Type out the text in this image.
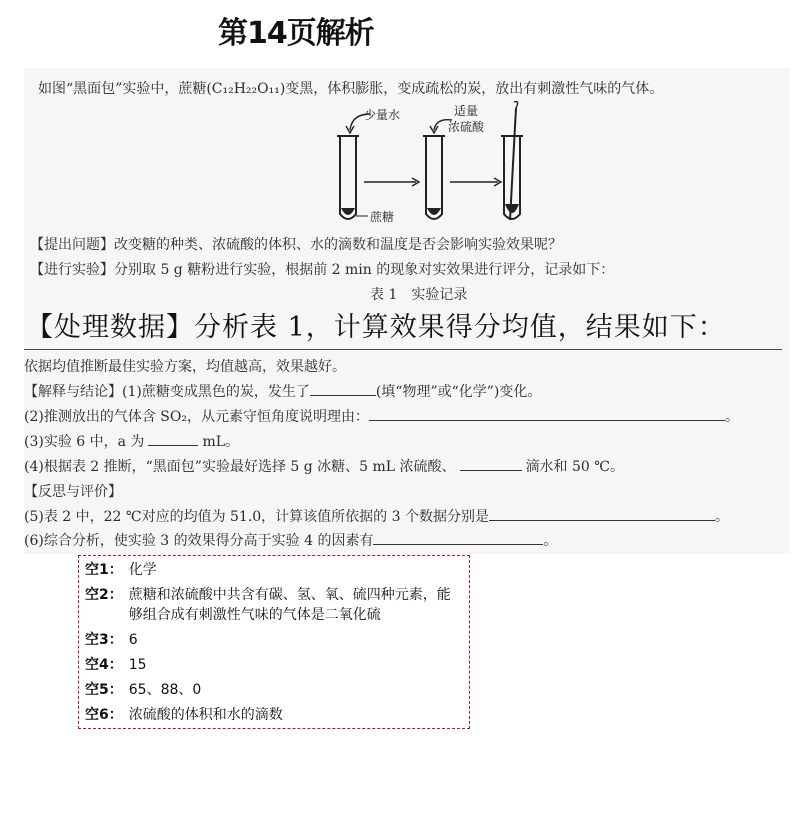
第14页解析
如图“黑面包”实验中，蔗糖(C₁₂H₂₂O₁₁)变黑，体积膨胀，变成疏松的炭，放出有刺激性气味的气体。
少量水	适量
浓硫酸
蔗糖
【提出问题】改变糖的种类、浓硫酸的体积、水的滴数和温度是否会影响实验效果呢？
【进行实验】分别取 5 g 糖粉进行实验，根据前 2 min 的现象对实效果进行评分，记录如下：
表 1　实验记录
【处理数据】分析表 1，计算效果得分均值，结果如下：
依据均值推断最佳实验方案，均值越高，效果越好。
【解释与结论】(1)蔗糖变成黑色的炭，发生了	(填“物理”或“化学”)变化。
(2)推测放出的气体含 SO₂，从元素守恒角度说明理由：	。
(3)实验 6 中，a 为	mL。
(4)根据表 2 推断，“黑面包”实验最好选择 5 g 冰糖、5 mL 浓硫酸、	滴水和 50 ℃。
【反思与评价】
(5)表 2 中，22 ℃对应的均值为 51.0，计算该值所依据的 3 个数据分别是	。
(6)综合分析，使实验 3 的效果得分高于实验 4 的因素有	。
空1： 化学
空2： 蔗糖和浓硫酸中共含有碳、氢、氧、硫四种元素，能够组合成有刺激性气味的气体是二氧化硫
空3： 6
空4： 15
空5： 65、88、0
空6： 浓硫酸的体积和水的滴数
